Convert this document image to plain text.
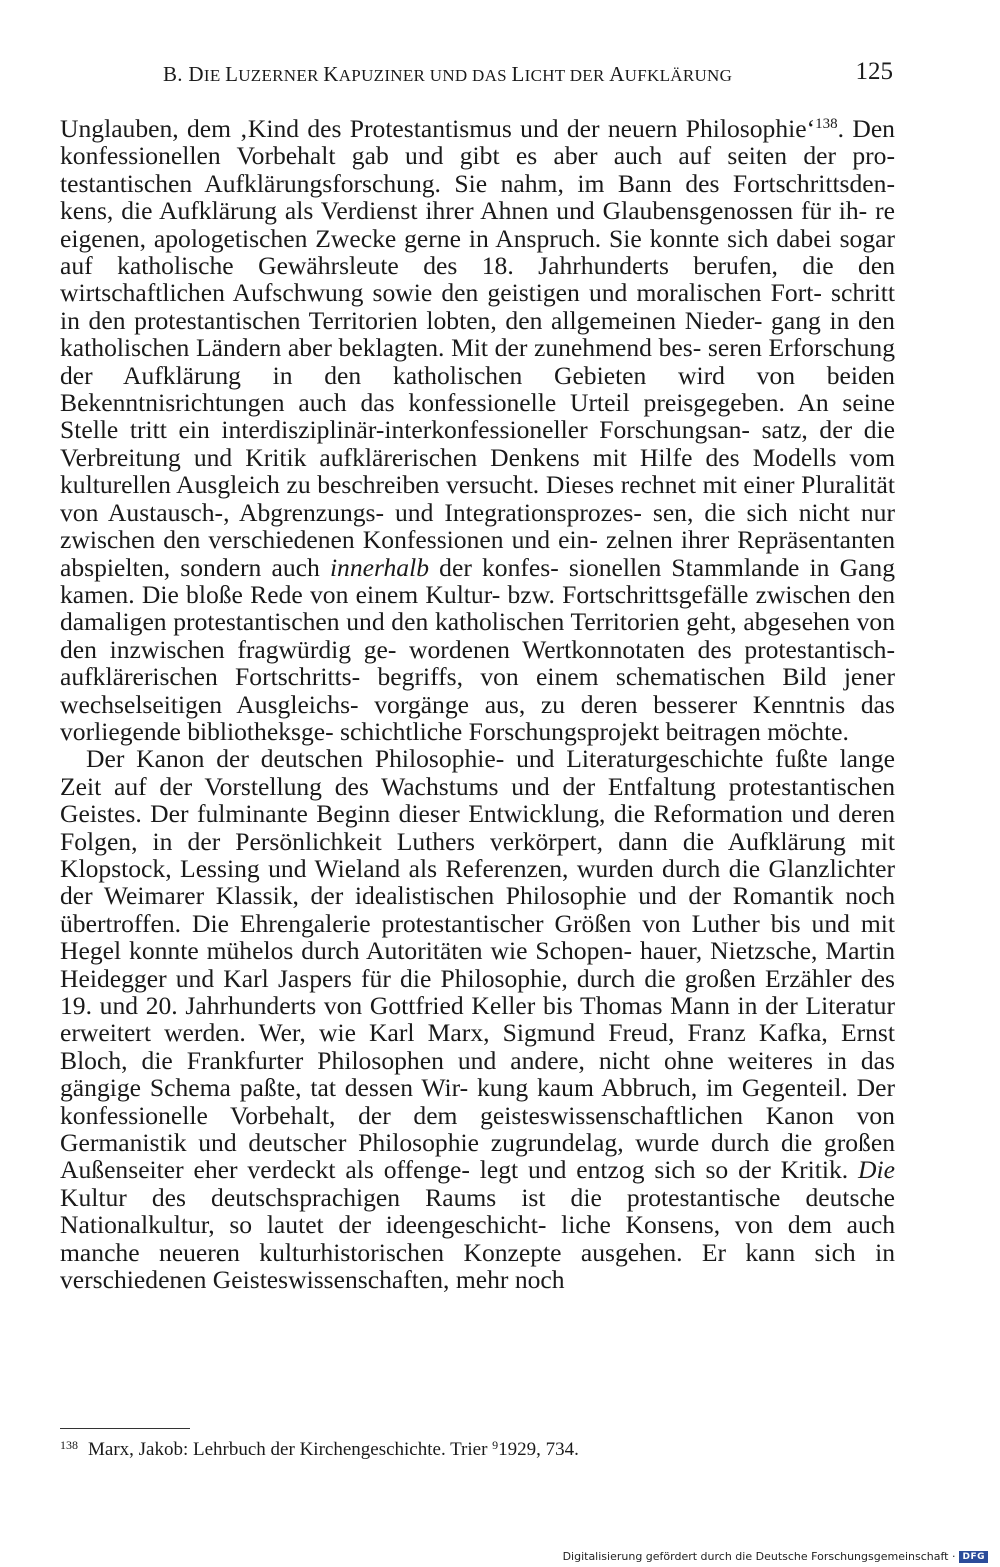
B. DIE LUZERNER KAPUZINER UND DAS LICHT DER AUFKLÄRUNG	125

Unglauben, dem ‚Kind des Protestantismus und der neuern Philosophie‘$^{138}$. Den konfessionellen Vorbehalt gab und gibt es aber auch auf seiten der pro- testantischen Aufklärungsforschung. Sie nahm, im Bann des Fortschrittsden- kens, die Aufklärung als Verdienst ihrer Ahnen und Glaubensgenossen für ih- re eigenen, apologetischen Zwecke gerne in Anspruch. Sie konnte sich dabei sogar auf katholische Gewährsleute des 18. Jahrhunderts berufen, die den wirtschaftlichen Aufschwung sowie den geistigen und moralischen Fort- schritt in den protestantischen Territorien lobten, den allgemeinen Nieder- gang in den katholischen Ländern aber beklagten. Mit der zunehmend bes- seren Erforschung der Aufklärung in den katholischen Gebieten wird von beiden Bekenntnisrichtungen auch das konfessionelle Urteil preisgegeben. An seine Stelle tritt ein interdisziplinär-interkonfessioneller Forschungsan- satz, der die Verbreitung und Kritik aufklärerischen Denkens mit Hilfe des Modells vom kulturellen Ausgleich zu beschreiben versucht. Dieses rechnet mit einer Pluralität von Austausch-, Abgrenzungs- und Integrationsprozes- sen, die sich nicht nur zwischen den verschiedenen Konfessionen und ein- zelnen ihrer Repräsentanten abspielten, sondern auch innerhalb der konfes- sionellen Stammlande in Gang kamen. Die bloße Rede von einem Kultur- bzw. Fortschrittsgefälle zwischen den damaligen protestantischen und den katholischen Territorien geht, abgesehen von den inzwischen fragwürdig ge- wordenen Wertkonnotaten des protestantisch-aufklärerischen Fortschritts- begriffs, von einem schematischen Bild jener wechselseitigen Ausgleichs- vorgänge aus, zu deren besserer Kenntnis das vorliegende bibliotheksge- schichtliche Forschungsprojekt beitragen möchte.

Der Kanon der deutschen Philosophie- und Literaturgeschichte fußte lange Zeit auf der Vorstellung des Wachstums und der Entfaltung protestantischen Geistes. Der fulminante Beginn dieser Entwicklung, die Reformation und deren Folgen, in der Persönlichkeit Luthers verkörpert, dann die Aufklärung mit Klopstock, Lessing und Wieland als Referenzen, wurden durch die Glanzlichter der Weimarer Klassik, der idealistischen Philosophie und der Romantik noch übertroffen. Die Ehrengalerie protestantischer Größen von Luther bis und mit Hegel konnte mühelos durch Autoritäten wie Schopen- hauer, Nietzsche, Martin Heidegger und Karl Jaspers für die Philosophie, durch die großen Erzähler des 19. und 20. Jahrhunderts von Gottfried Keller bis Thomas Mann in der Literatur erweitert werden. Wer, wie Karl Marx, Sigmund Freud, Franz Kafka, Ernst Bloch, die Frankfurter Philosophen und andere, nicht ohne weiteres in das gängige Schema paßte, tat dessen Wir- kung kaum Abbruch, im Gegenteil. Der konfessionelle Vorbehalt, der dem geisteswissenschaftlichen Kanon von Germanistik und deutscher Philosophie zugrundelag, wurde durch die großen Außenseiter eher verdeckt als offenge- legt und entzog sich so der Kritik. Die Kultur des deutschsprachigen Raums ist die protestantische deutsche Nationalkultur, so lautet der ideengeschicht- liche Konsens, von dem auch manche neueren kulturhistorischen Konzepte ausgehen. Er kann sich in verschiedenen Geisteswissenschaften, mehr noch

$^{138}$ Marx, Jakob: Lehrbuch der Kirchengeschichte. Trier $^9$1929, 734.
Digitalisierung gefördert durch die Deutsche Forschungsgemeinschaft · DFG
